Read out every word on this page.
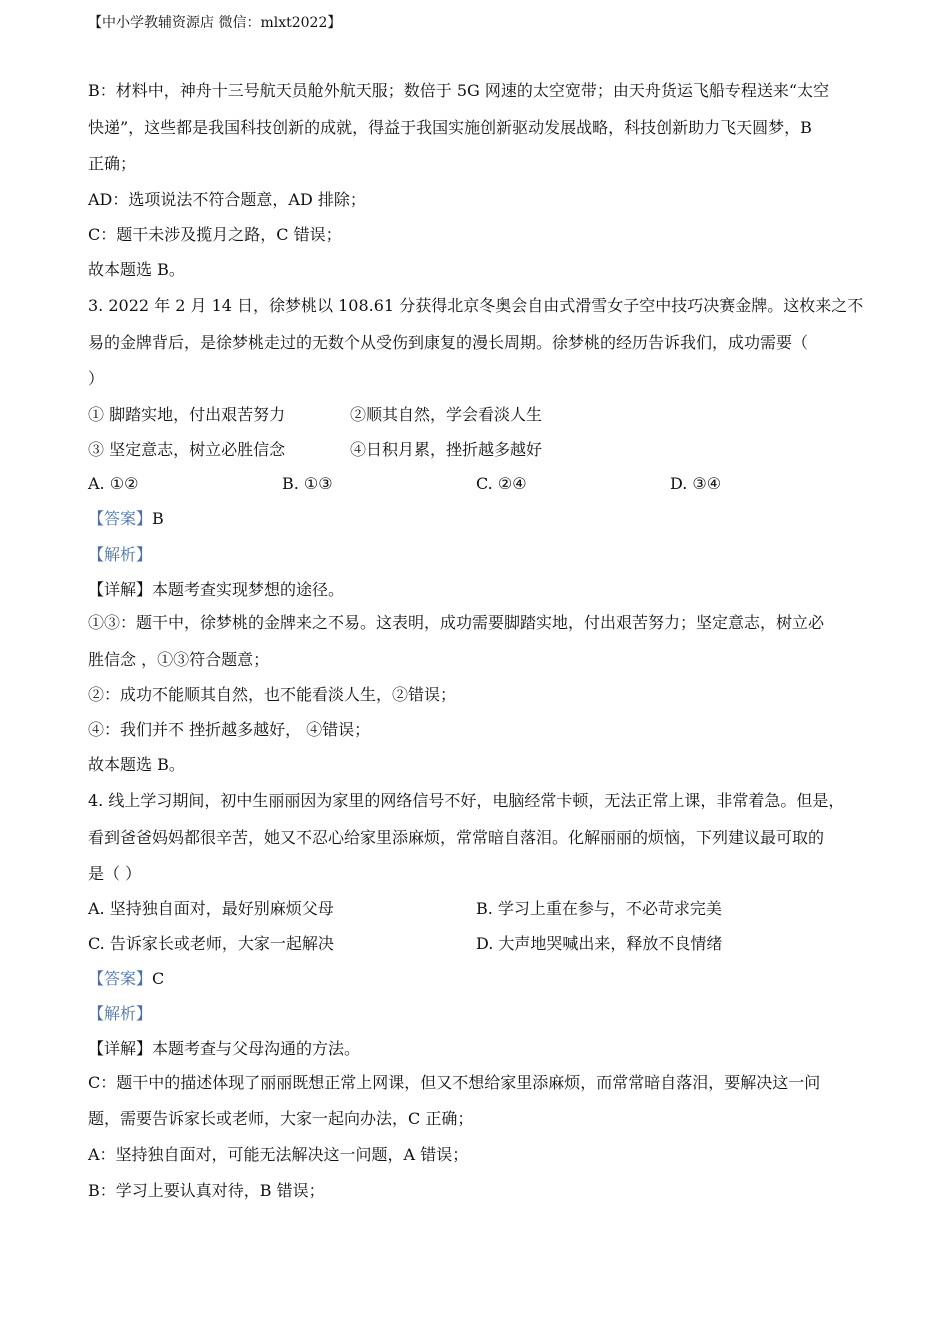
【中小学教辅资源店 微信：mlxt2022】
B：材料中，神舟十三号航天员舱外航天服；数倍于 5G 网速的太空宽带；由天舟货运飞船专程送来“太空
快递”，这些都是我国科技创新的成就，得益于我国实施创新驱动发展战略，科技创新助力飞天圆梦，B
正确；
AD：选项说法不符合题意，AD 排除；
C：题干未涉及揽月之路，C 错误；
故本题选 B。
3. 2022 年 2 月 14 日，徐梦桃以 108.61 分获得北京冬奥会自由式滑雪女子空中技巧决赛金牌。这枚来之不
易的金牌背后，是徐梦桃走过的无数个从受伤到康复的漫长周期。徐梦桃的经历告诉我们，成功需要（
）
① 脚踏实地，付出艰苦努力	②顺其自然，学会看淡人生
③ 坚定意志，树立必胜信念	④日积月累，挫折越多越好
A. ①②	B. ①③	C. ②④	D. ③④
【答案】B
【解析】
【详解】本题考查实现梦想的途径。
①③：题干中，徐梦桃的金牌来之不易。这表明，成功需要脚踏实地，付出艰苦努力；坚定意志，树立必
胜信念 ，①③符合题意；
②：成功不能顺其自然，也不能看淡人生，②错误；
④：我们并不 挫折越多越好， ④错误；
故本题选 B。
4. 线上学习期间，初中生丽丽因为家里的网络信号不好，电脑经常卡顿，无法正常上课，非常着急。但是，
看到爸爸妈妈都很辛苦，她又不忍心给家里添麻烦，常常暗自落泪。化解丽丽的烦恼，下列建议最可取的
是（ ）
A. 坚持独自面对，最好别麻烦父母	B. 学习上重在参与，不必苛求完美
C. 告诉家长或老师，大家一起解决	D. 大声地哭喊出来，释放不良情绪
【答案】C
【解析】
【详解】本题考查与父母沟通的方法。
C：题干中的描述体现了丽丽既想正常上网课，但又不想给家里添麻烦，而常常暗自落泪，要解决这一问
题，需要告诉家长或老师，大家一起向办法，C 正确；
A：坚持独自面对，可能无法解决这一问题，A 错误；
B：学习上要认真对待，B 错误；
